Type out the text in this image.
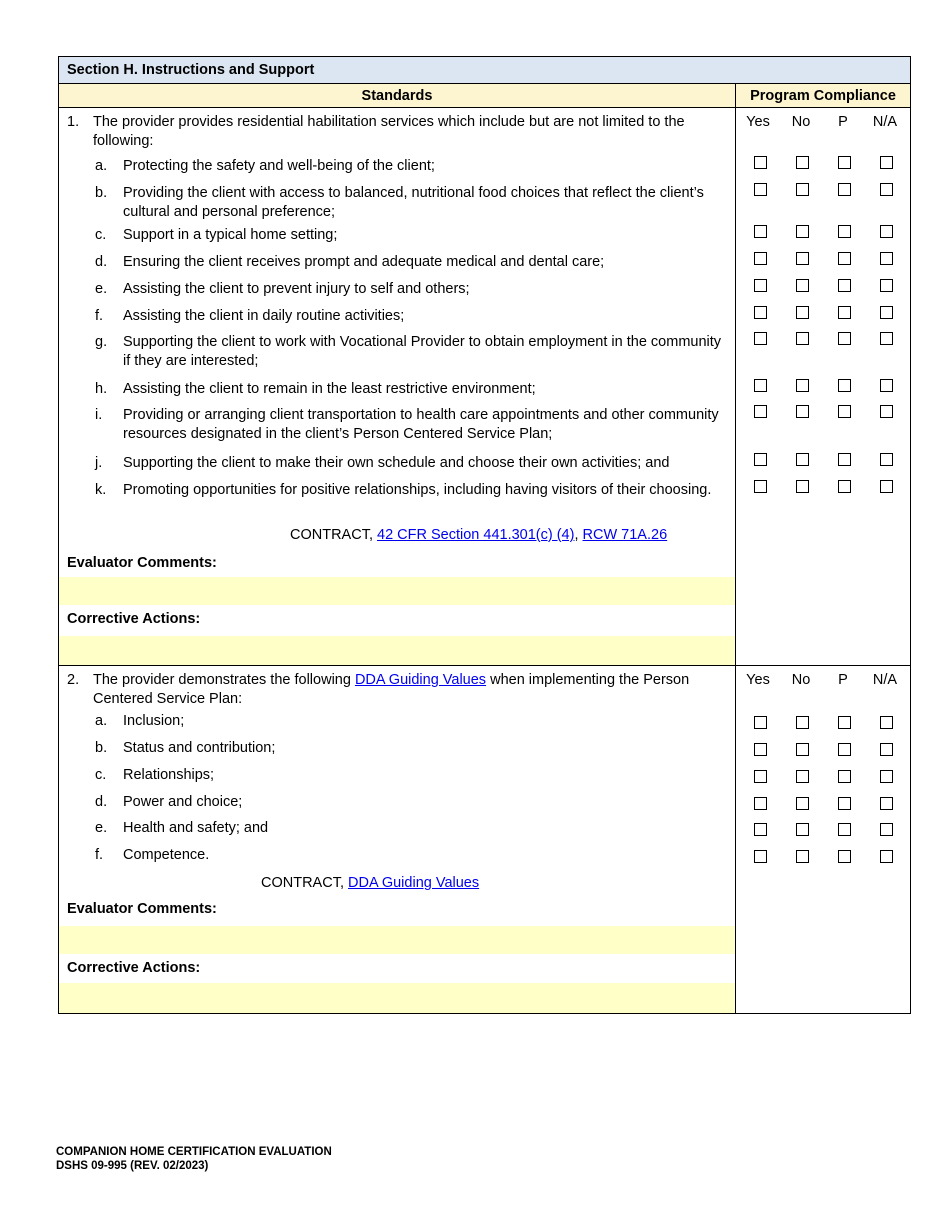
Section H. Instructions and Support
Standards	Program Compliance
1. The provider provides residential habilitation services which include but are not limited to the following:
a.	Protecting the safety and well-being of the client;
b.	Providing the client with access to balanced, nutritional food choices that reflect the client’s cultural and personal preference;
c.	Support in a typical home setting;
d.	Ensuring the client receives prompt and adequate medical and dental care;
e.	Assisting the client to prevent injury to self and others;
f.	Assisting the client in daily routine activities;
g.	Supporting the client to work with Vocational Provider to obtain employment in the community if they are interested;
h.	Assisting the client to remain in the least restrictive environment;
i.	Providing or arranging client transportation to health care appointments and other community resources designated in the client’s Person Centered Service Plan;
j.	Supporting the client to make their own schedule and choose their own activities; and
k.	Promoting opportunities for positive relationships, including having visitors of their choosing.
CONTRACT, 42 CFR Section 441.301(c) (4), RCW 71A.26
Evaluator Comments:
Corrective Actions:
Yes	No	P	N/A
2. The provider demonstrates the following DDA Guiding Values when implementing the Person Centered Service Plan:
a.	Inclusion;
b.	Status and contribution;
c.	Relationships;
d.	Power and choice;
e.	Health and safety; and
f.	Competence.
CONTRACT, DDA Guiding Values
Evaluator Comments:
Corrective Actions:
Yes	No	P	N/A
COMPANION HOME CERTIFICATION EVALUATION
DSHS 09-995 (REV. 02/2023)
